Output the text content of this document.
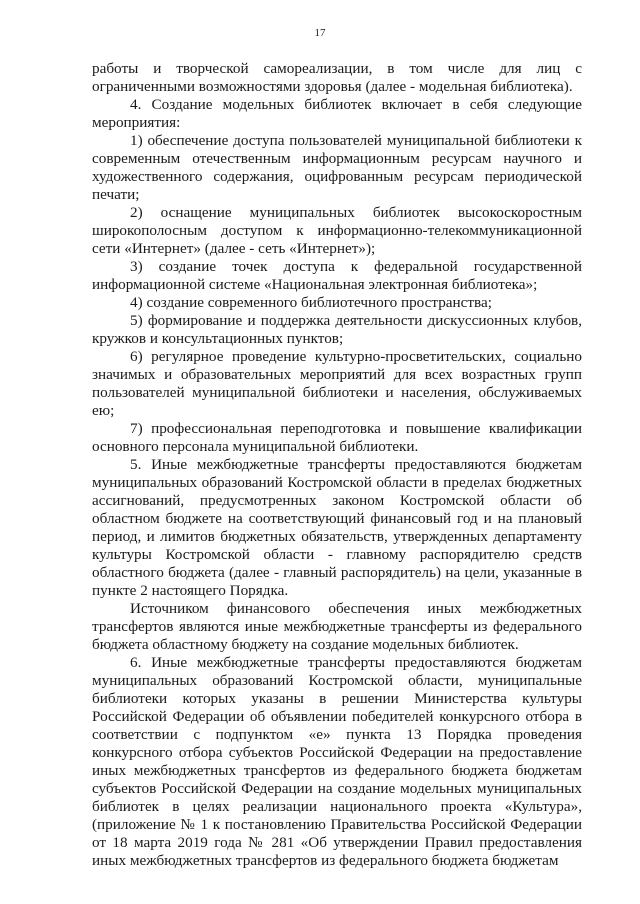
17

работы и творческой самореализации, в том числе для лиц с ограниченными возможностями здоровья (далее - модельная библиотека).

4. Создание модельных библиотек включает в себя следующие мероприятия:

1) обеспечение доступа пользователей муниципальной библиотеки к современным отечественным информационным ресурсам научного и художественного содержания, оцифрованным ресурсам периодической печати;

2) оснащение муниципальных библиотек высокоскоростным широкополосным доступом к информационно-телекоммуникационной сети «Интернет» (далее - сеть «Интернет»);

3) создание точек доступа к федеральной государственной информационной системе «Национальная электронная библиотека»;

4) создание современного библиотечного пространства;

5) формирование и поддержка деятельности дискуссионных клубов, кружков и консультационных пунктов;

6) регулярное проведение культурно-просветительских, социально значимых и образовательных мероприятий для всех возрастных групп пользователей муниципальной библиотеки и населения, обслуживаемых ею;

7) профессиональная переподготовка и повышение квалификации основного персонала муниципальной библиотеки.

5. Иные межбюджетные трансферты предоставляются бюджетам муниципальных образований Костромской области в пределах бюджетных ассигнований, предусмотренных законом Костромской области об областном бюджете на соответствующий финансовый год и на плановый период, и лимитов бюджетных обязательств, утвержденных департаменту культуры Костромской области - главному распорядителю средств областного бюджета (далее - главный распорядитель) на цели, указанные в пункте 2 настоящего Порядка.

Источником финансового обеспечения иных межбюджетных трансфертов являются иные межбюджетные трансферты из федерального бюджета областному бюджету на создание модельных библиотек.

6. Иные межбюджетные трансферты предоставляются бюджетам муниципальных образований Костромской области, муниципальные библиотеки которых указаны в решении Министерства культуры Российской Федерации об объявлении победителей конкурсного отбора в соответствии с подпунктом «е» пункта 13 Порядка проведения конкурсного отбора субъектов Российской Федерации на предоставление иных межбюджетных трансфертов из федерального бюджета бюджетам субъектов Российской Федерации на создание модельных муниципальных библиотек в целях реализации национального проекта «Культура», (приложение № 1 к постановлению Правительства Российской Федерации от 18 марта 2019 года № 281 «Об утверждении Правил предоставления иных межбюджетных трансфертов из федерального бюджета бюджетам
